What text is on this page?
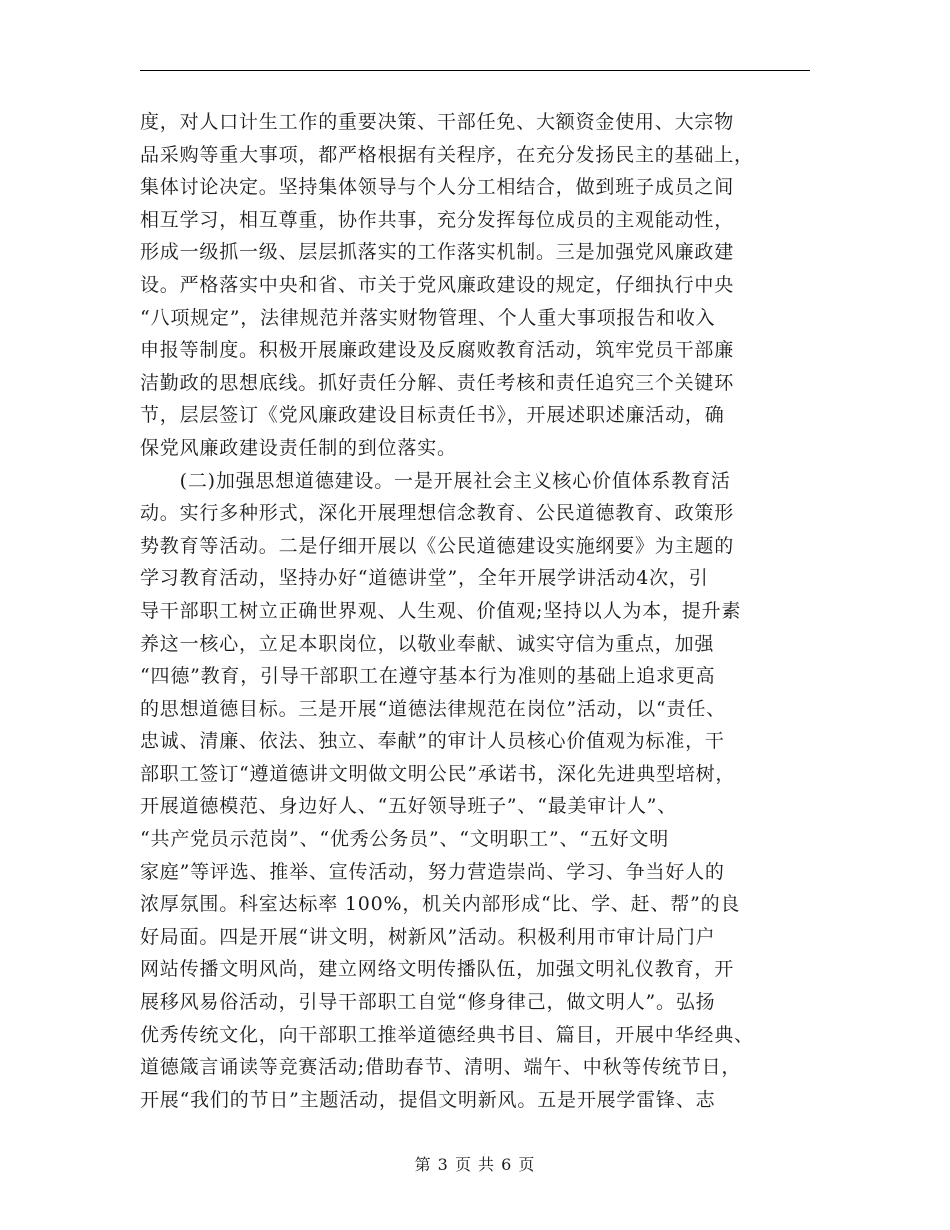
度，对人口计生工作的重要决策、干部任免、大额资金使用、大宗物
品采购等重大事项，都严格根据有关程序，在充分发扬民主的基础上，
集体讨论决定。坚持集体领导与个人分工相结合，做到班子成员之间
相互学习，相互尊重，协作共事，充分发挥每位成员的主观能动性，
形成一级抓一级、层层抓落实的工作落实机制。三是加强党风廉政建
设。严格落实中央和省、市关于党风廉政建设的规定，仔细执行中央
“八项规定”，法律规范并落实财物管理、个人重大事项报告和收入
申报等制度。积极开展廉政建设及反腐败教育活动，筑牢党员干部廉
洁勤政的思想底线。抓好责任分解、责任考核和责任追究三个关键环
节，层层签订《党风廉政建设目标责任书》，开展述职述廉活动，确
保党风廉政建设责任制的到位落实。
　　(二)加强思想道德建设。一是开展社会主义核心价值体系教育活
动。实行多种形式，深化开展理想信念教育、公民道德教育、政策形
势教育等活动。二是仔细开展以《公民道德建设实施纲要》为主题的
学习教育活动，坚持办好“道德讲堂”，全年开展学讲活动4次，引
导干部职工树立正确世界观、人生观、价值观;坚持以人为本，提升素
养这一核心，立足本职岗位，以敬业奉献、诚实守信为重点，加强
“四德”教育，引导干部职工在遵守基本行为准则的基础上追求更高
的思想道德目标。三是开展“道德法律规范在岗位”活动，以“责任、
忠诚、清廉、依法、独立、奉献”的审计人员核心价值观为标准，干
部职工签订“遵道德讲文明做文明公民”承诺书，深化先进典型培树，
开展道德模范、身边好人、“五好领导班子”、“最美审计人”、
“共产党员示范岗”、“优秀公务员”、“文明职工”、“五好文明
家庭”等评选、推举、宣传活动，努力营造崇尚、学习、争当好人的
浓厚氛围。科室达标率 100%，机关内部形成“比、学、赶、帮”的良
好局面。四是开展“讲文明，树新风”活动。积极利用市审计局门户
网站传播文明风尚，建立网络文明传播队伍，加强文明礼仪教育，开
展移风易俗活动，引导干部职工自觉“修身律己，做文明人”。弘扬
优秀传统文化，向干部职工推举道德经典书目、篇目，开展中华经典、
道德箴言诵读等竞赛活动;借助春节、清明、端午、中秋等传统节日，
开展“我们的节日”主题活动，提倡文明新风。五是开展学雷锋、志
第 3 页 共 6 页
